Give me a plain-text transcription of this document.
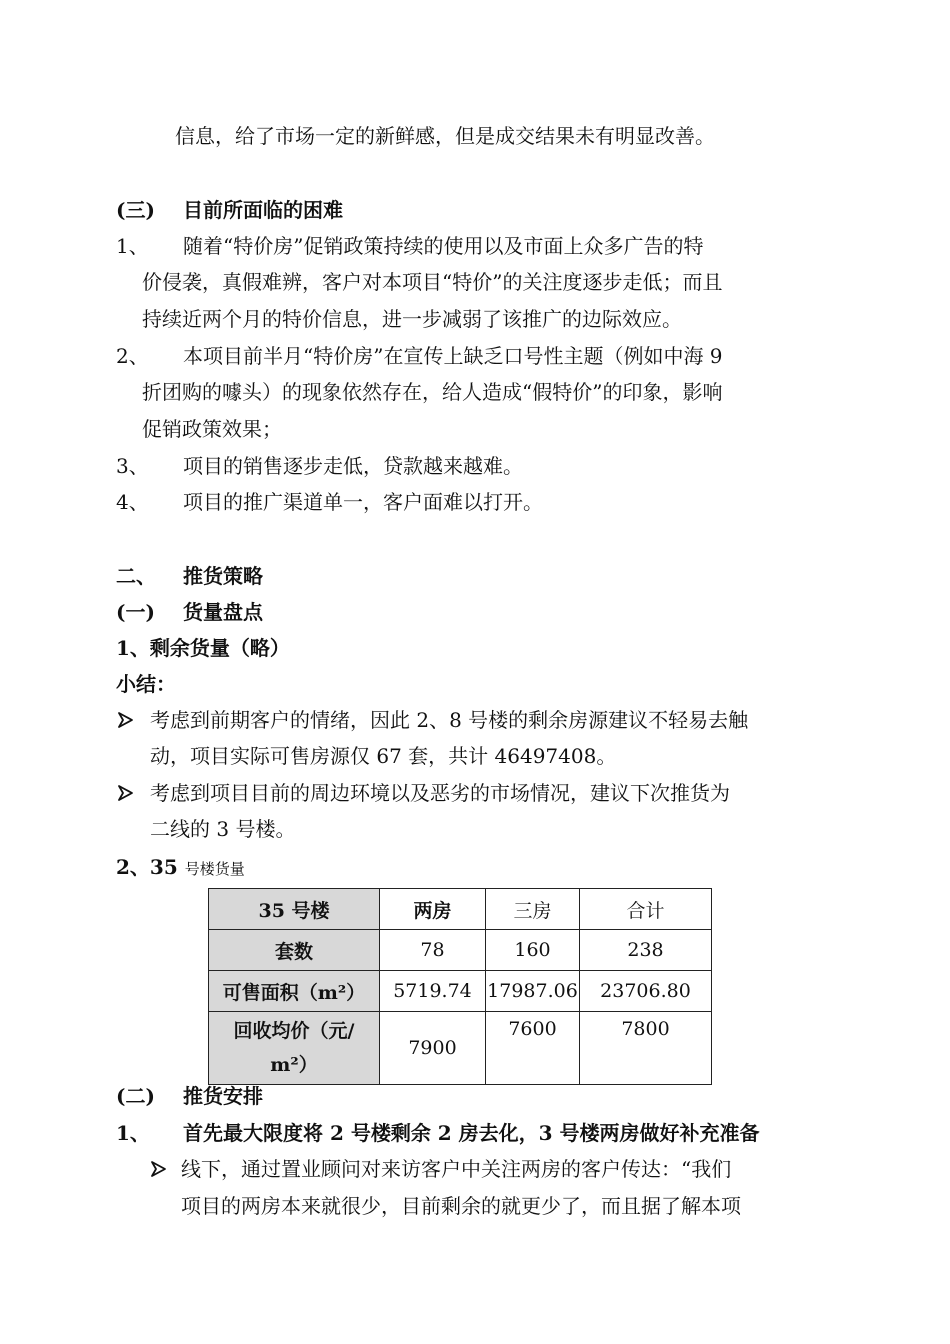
信息，给了市场一定的新鲜感，但是成交结果未有明显改善。
(三) 目前所面临的困难
1、 随着“特价房”促销政策持续的使用以及市面上众多广告的特
价侵袭，真假难辨，客户对本项目“特价”的关注度逐步走低；而且
持续近两个月的特价信息，进一步减弱了该推广的边际效应。
2、 本项目前半月“特价房”在宣传上缺乏口号性主题（例如中海 9
折团购的噱头）的现象依然存在，给人造成“假特价”的印象，影响
促销政策效果；
3、 项目的销售逐步走低，贷款越来越难。
4、 项目的推广渠道单一，客户面难以打开。
二、 推货策略
(一) 货量盘点
1、剩余货量（略）
小结：
考虑到前期客户的情绪，因此 2、8 号楼的剩余房源建议不轻易去触
动，项目实际可售房源仅 67 套，共计 46497408。
考虑到项目目前的周边环境以及恶劣的市场情况，建议下次推货为
二线的 3 号楼。
2、35 号楼货量
35 号楼	两房	三房	合计
套数	78	160	238
可售面积（m²）	5719.74	17987.06	23706.80
回收均价（元/
m²）	7900	7600	7800
(二) 推货安排
1、 首先最大限度将 2 号楼剩余 2 房去化，3 号楼两房做好补充准备
线下，通过置业顾问对来访客户中关注两房的客户传达：“我们
项目的两房本来就很少，目前剩余的就更少了，而且据了解本项
